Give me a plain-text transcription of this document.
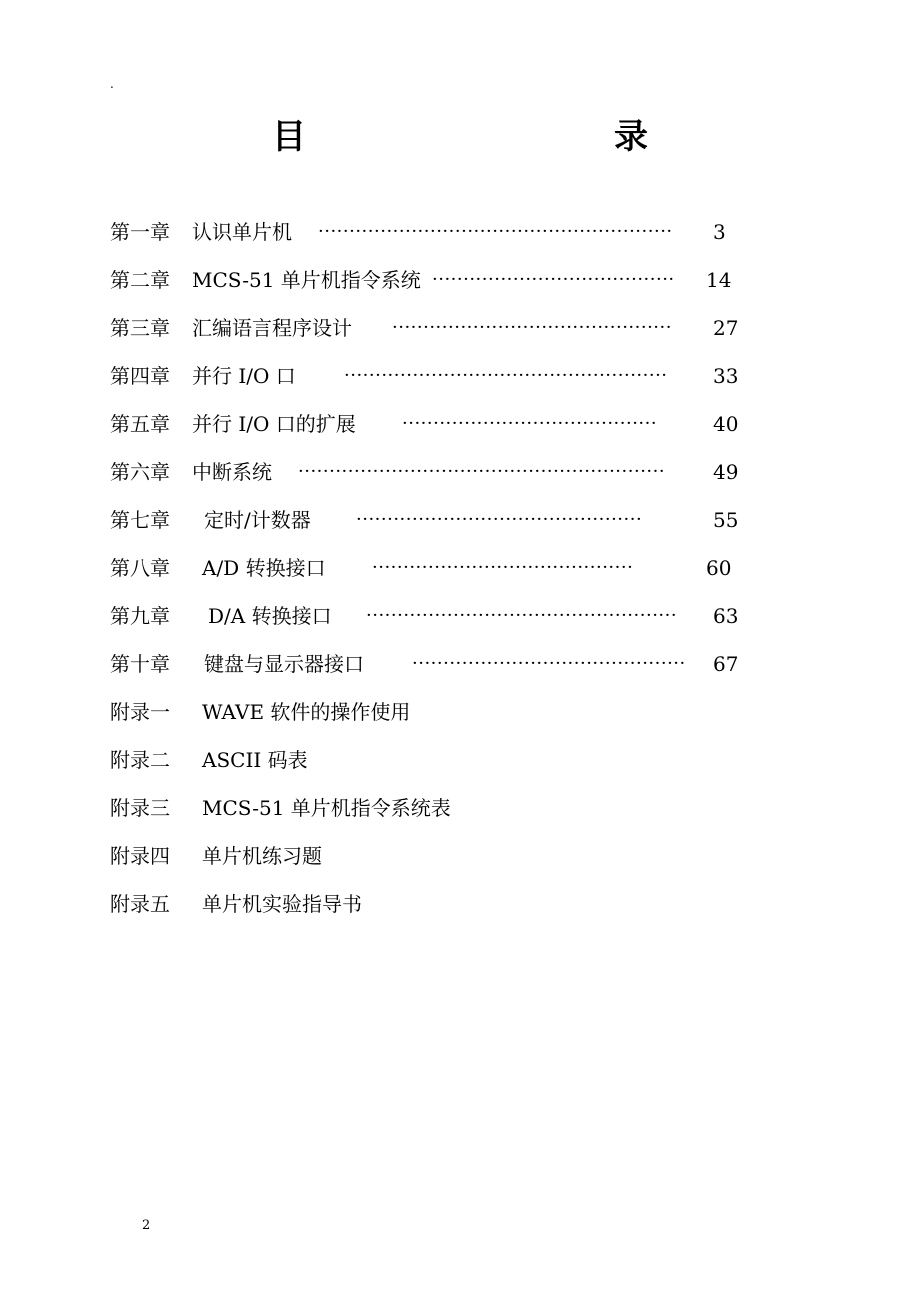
.
目　　录
第一章	认识单片机 ·························································	3
第二章	MCS-51 单片机指令系统 ·······································	14
第三章	汇编语言程序设计 ·············································	27
第四章	并行 I/O 口	····················································	33
第五章	并行 I/O 口的扩展	·········································	40
第六章	中断系统 ···························································	49
第七章	定时/计数器	··············································	55
第八章	A/D 转换接口	··········································	60
第九章	D/A 转换接口 ··················································	63
第十章	键盘与显示器接口	············································	67
附录一	WAVE 软件的操作使用
附录二	ASCII 码表
附录三	MCS-51 单片机指令系统表
附录四	单片机练习题
附录五	单片机实验指导书
2
